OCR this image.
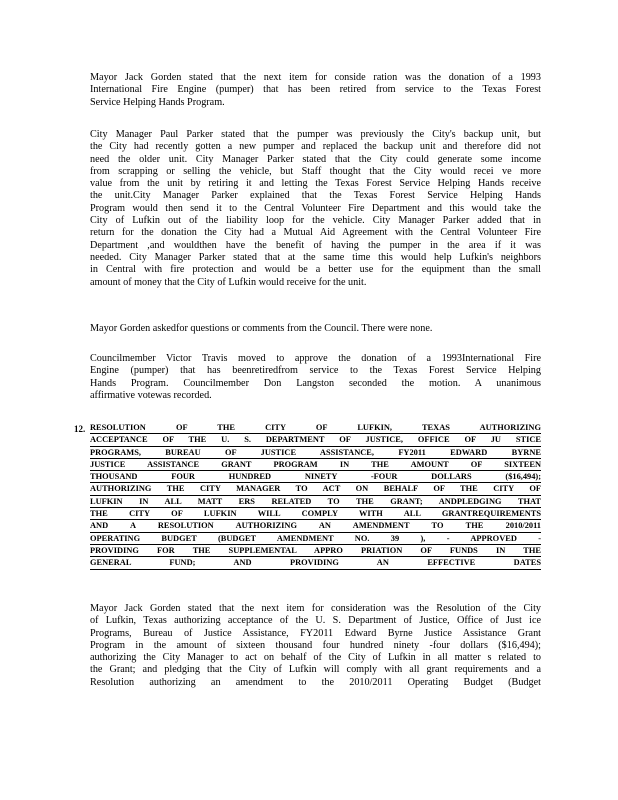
Mayor Jack Gorden stated that the next item for conside ration was the donation of a 1993
International Fire Engine (pumper) that has been retired from service to the Texas Forest
Service Helping Hands Program.
City Manager Paul Parker stated that the pumper was previously the City's backup unit, but
the City had recently gotten a new pumper and replaced the backup unit and therefore did not
need the older unit. City Manager Parker stated that the City could generate some income
from scrapping or selling the vehicle, but Staff thought that the City would recei ve more
value from the unit by retiring it and letting the Texas Forest Service Helping Hands receive
the unit.City Manager Parker explained that the Texas Forest Service Helping Hands
Program would then send it to the Central Volunteer Fire Department and this would take the
City of Lufkin out of the liability loop for the vehicle. City Manager Parker added that in
return for the donation the City had a Mutual Aid Agreement with the Central Volunteer Fire
Department ,and wouldthen have the benefit of having the pumper in the area if it was
needed. City Manager Parker stated that at the same time this would help Lufkin's neighbors
in Central with fire protection and would be a better use for the equipment than the small
amount of money that the City of Lufkin would receive for the unit.
Mayor Gorden askedfor questions or comments from the Council. There were none.
Councilmember Victor Travis moved to approve the donation of a 1993International Fire
Engine (pumper) that has beenretiredfrom service to the Texas Forest Service Helping
Hands Program. Councilmember Don Langston seconded the motion. A unanimous
affirmative votewas recorded.
12. RESOLUTION OF THE CITY OF LUFKIN, TEXAS AUTHORIZING
ACCEPTANCE OF THE U. S. DEPARTMENT OF JUSTICE, OFFICE OF JU STICE
PROGRAMS, BUREAU OF JUSTICE ASSISTANCE, FY2011 EDWARD BYRNE
JUSTICE ASSISTANCE GRANT PROGRAM IN THE AMOUNT OF SIXTEEN
THOUSAND FOUR HUNDRED NINETY -FOUR DOLLARS ($16,494);
AUTHORIZING THE CITY MANAGER TO ACT ON BEHALF OF THE CITY OF
LUFKIN IN ALL MATT ERS RELATED TO THE GRANT; ANDPLEDGING THAT
THE CITY OF LUFKIN WILL COMPLY WITH ALL GRANTREQUIREMENTS
AND A RESOLUTION AUTHORIZING AN AMENDMENT TO THE 2010/2011
OPERATING BUDGET (BUDGET AMENDMENT NO. 39 ), - APPROVED -
PROVIDING FOR THE SUPPLEMENTAL APPRO PRIATION OF FUNDS IN THE
GENERAL FUND; AND PROVIDING AN EFFECTIVE DATES
Mayor Jack Gorden stated that the next item for consideration was the Resolution of the City
of Lufkin, Texas authorizing acceptance of the U. S. Department of Justice, Office of Just ice
Programs, Bureau of Justice Assistance, FY2011 Edward Byrne Justice Assistance Grant
Program in the amount of sixteen thousand four hundred ninety -four dollars ($16,494);
authorizing the City Manager to act on behalf of the City of Lufkin in all matter s related to
the Grant; and pledging that the City of Lufkin will comply with all grant requirements and a
Resolution authorizing an amendment to the 2010/2011 Operating Budget (Budget
